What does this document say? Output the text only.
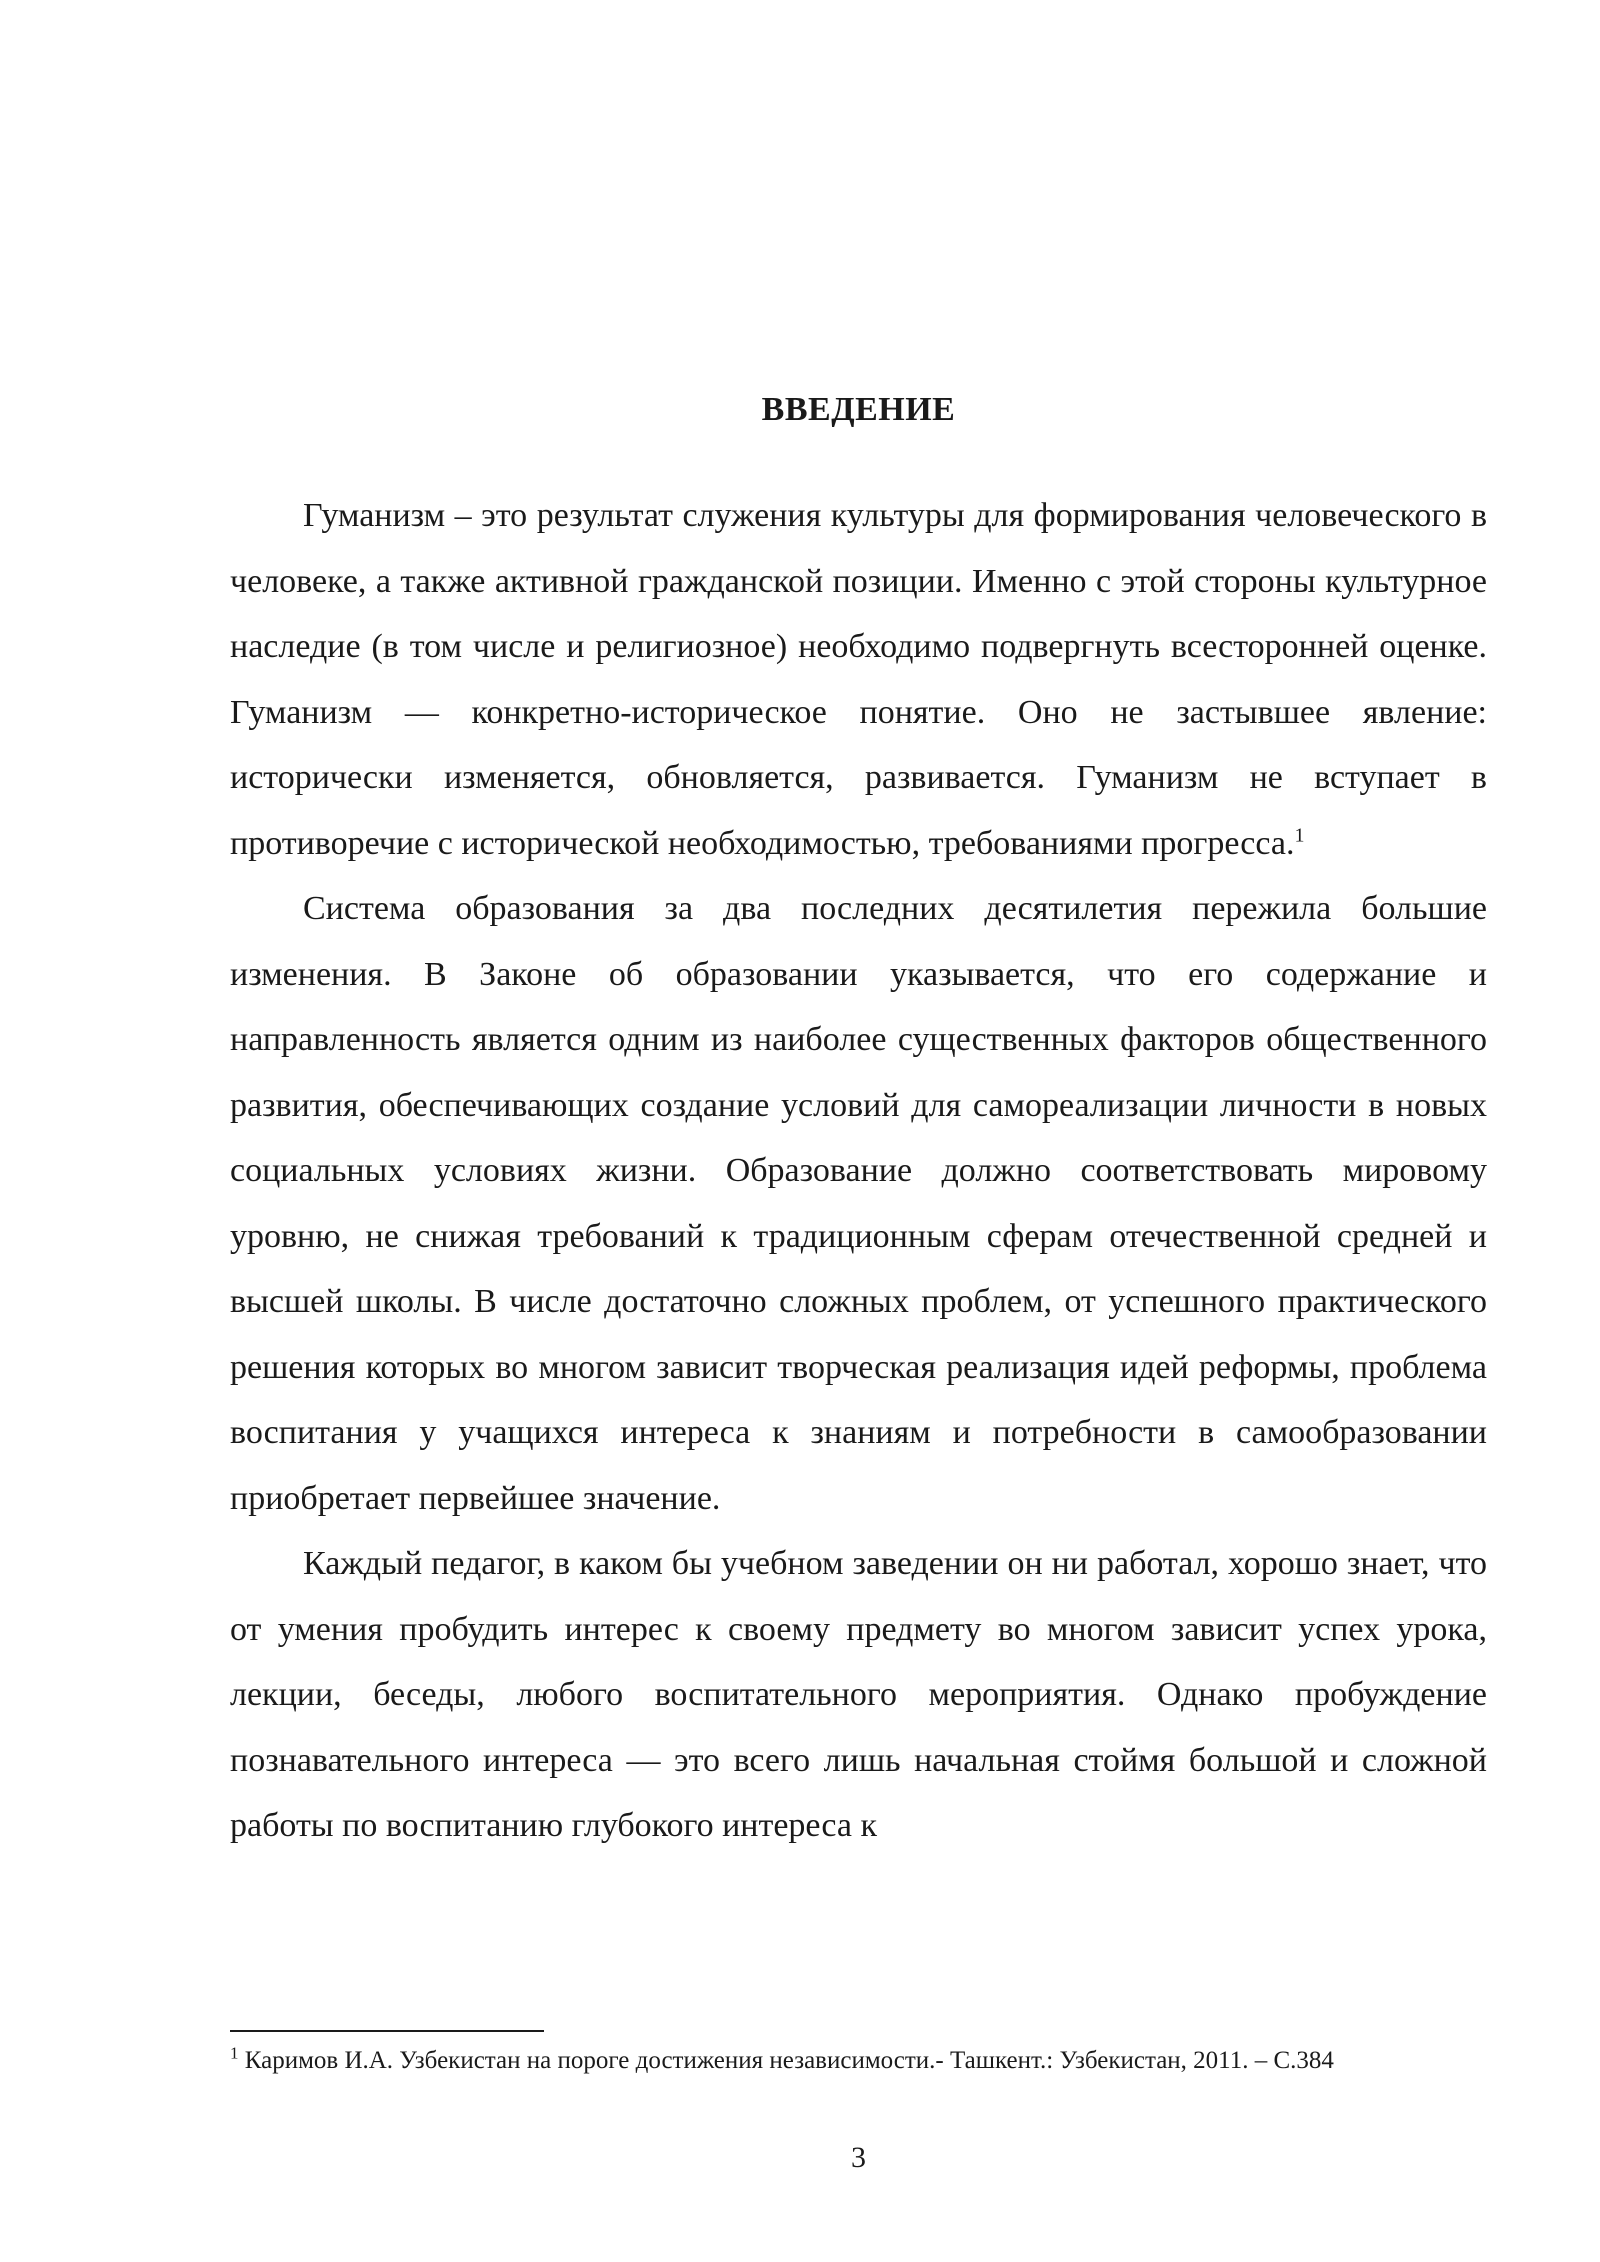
ВВЕДЕНИЕ

Гуманизм – это результат служения культуры для формирования человеческого в человеке, а также активной гражданской позиции. Именно с этой стороны культурное наследие (в том числе и религиозное) необходимо подвергнуть всесторонней оценке. Гуманизм — конкретно-историческое понятие. Оно не застывшее явление: исторически изменяется, обновляется, развивается. Гуманизм не вступает в противоречие с исторической необходимостью, требованиями прогресса.$^1$

Система образования за два последних десятилетия пережила большие изменения. В Законе об образовании указывается, что его содержание и направленность является одним из наиболее существенных факторов общественного развития, обеспечивающих создание условий для самореализации личности в новых социальных условиях жизни. Образование должно соответствовать мировому уровню, не снижая требований к традиционным сферам отечественной средней и высшей школы. В числе достаточно сложных проблем, от успешного практического решения которых во многом зависит творческая реализация идей реформы, проблема воспитания у учащихся интереса к знаниям и потребности в самообразовании приобретает первейшее значение.

Каждый педагог, в каком бы учебном заведении он ни работал, хорошо знает, что от умения пробудить интерес к своему предмету во многом зависит успех урока, лекции, беседы, любого воспитательного мероприятия. Однако пробуждение познавательного интереса — это всего лишь начальная стоймя большой и сложной работы по воспитанию глубокого интереса к

$^1$ Каримов И.А. Узбекистан на пороге достижения независимости.- Ташкент.: Узбекистан, 2011. – С.384
3
